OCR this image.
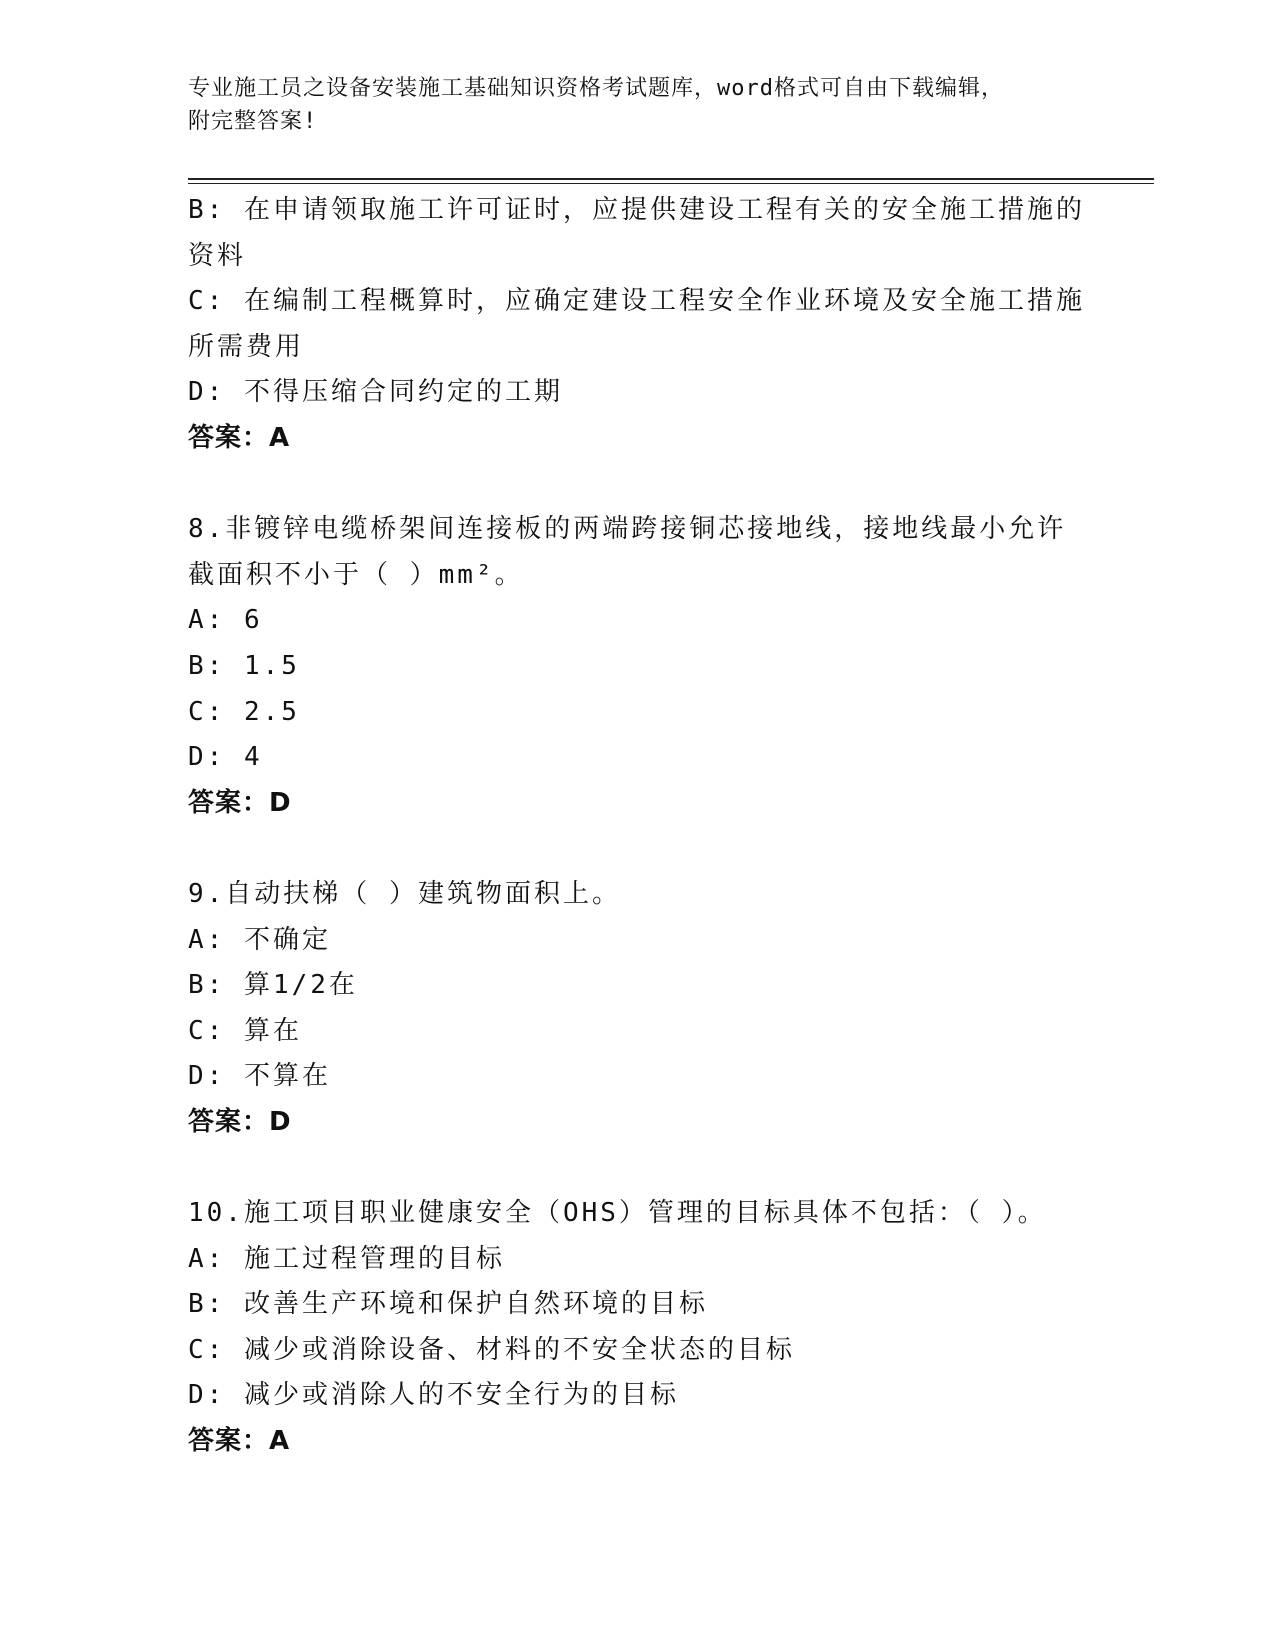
专业施工员之设备安装施工基础知识资格考试题库，word格式可自由下载编辑，
附完整答案!
B: 在申请领取施工许可证时，应提供建设工程有关的安全施工措施的
资料
C: 在编制工程概算时，应确定建设工程安全作业环境及安全施工措施
所需费用
D: 不得压缩合同约定的工期
答案：A
8.非镀锌电缆桥架间连接板的两端跨接铜芯接地线，接地线最小允许
截面积不小于（ ）mm²。
A: 6
B: 1.5
C: 2.5
D: 4
答案：D
9.自动扶梯（ ）建筑物面积上。
A: 不确定
B: 算1/2在
C: 算在
D: 不算在
答案：D
10.施工项目职业健康安全（OHS）管理的目标具体不包括：（ ）。
A: 施工过程管理的目标
B: 改善生产环境和保护自然环境的目标
C: 减少或消除设备、材料的不安全状态的目标
D: 减少或消除人的不安全行为的目标
答案：A
